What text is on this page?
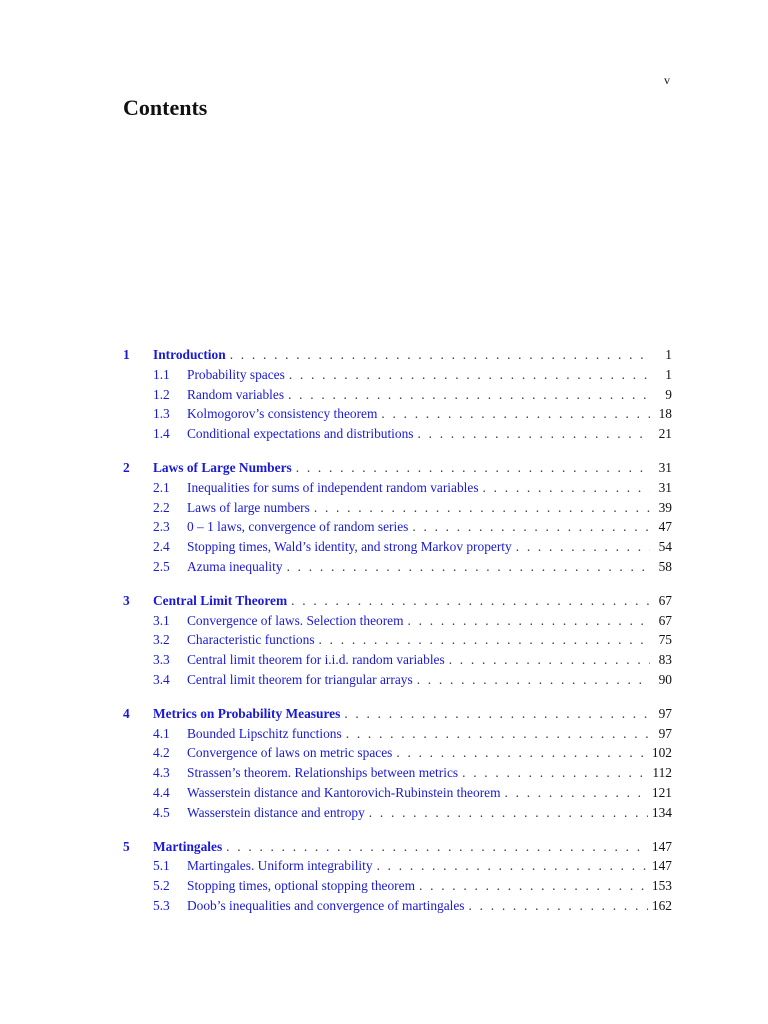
v
Contents
1	Introduction . . .	1
1.1	Probability spaces . . .	1
1.2	Random variables . . .	9
1.3	Kolmogorov’s consistency theorem . . .	18
1.4	Conditional expectations and distributions . . .	21
2	Laws of Large Numbers . . .	31
2.1	Inequalities for sums of independent random variables . . .	31
2.2	Laws of large numbers . . .	39
2.3	0 – 1 laws, convergence of random series . . .	47
2.4	Stopping times, Wald’s identity, and strong Markov property . . .	54
2.5	Azuma inequality . . .	58
3	Central Limit Theorem . . .	67
3.1	Convergence of laws. Selection theorem . . .	67
3.2	Characteristic functions . . .	75
3.3	Central limit theorem for i.i.d. random variables . . .	83
3.4	Central limit theorem for triangular arrays . . .	90
4	Metrics on Probability Measures . . .	97
4.1	Bounded Lipschitz functions . . .	97
4.2	Convergence of laws on metric spaces . . .	102
4.3	Strassen’s theorem. Relationships between metrics . . .	112
4.4	Wasserstein distance and Kantorovich-Rubinstein theorem . . .	121
4.5	Wasserstein distance and entropy . . .	134
5	Martingales . . .	147
5.1	Martingales. Uniform integrability . . .	147
5.2	Stopping times, optional stopping theorem . . .	153
5.3	Doob’s inequalities and convergence of martingales . . .	162
